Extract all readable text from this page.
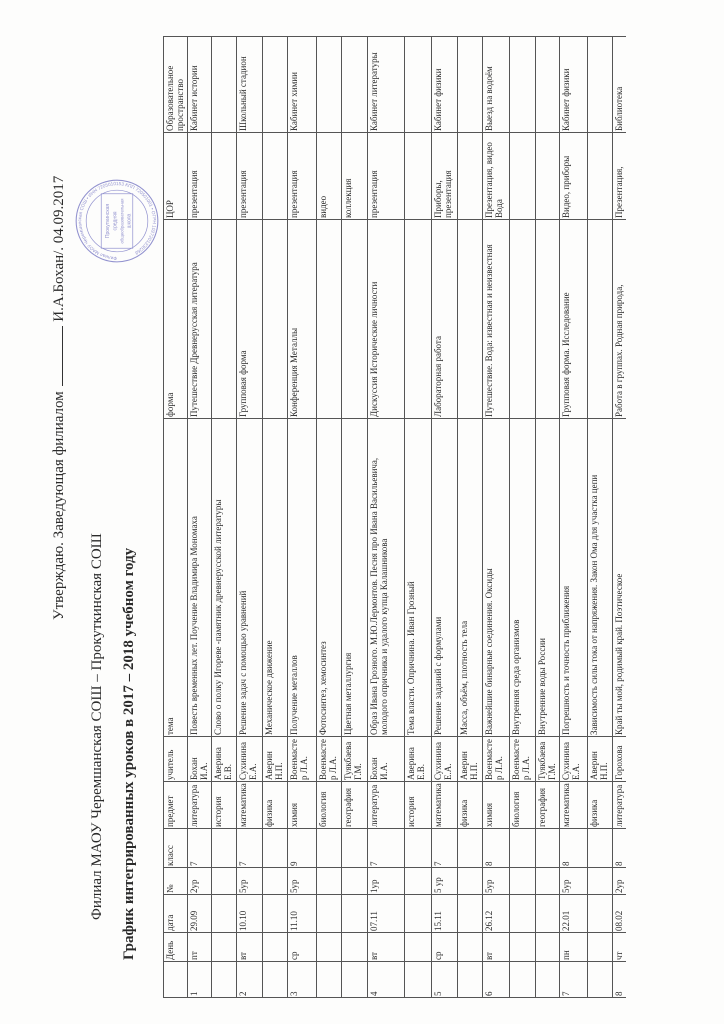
Утверждаю. Заведующая филиалом  И.А.Бохан/. 04.09.2017
Филиал МАОУ Черемшанская СОШ – Прокуткинская СОШ График интегрированных уроков в 2017 – 2018 учебном году
Филиал МАОУ Черемшанская СОШ • ИНН 7205010153 КПП 720501001 • ОГРН 1027201230268
Прокуткинская средняя общеобразовательная школа
	День	дата	№	класс	предмет	учитель	тема	форма	ЦОР	Образовательное пространство
1	пт	29.09	2ур	7	литература	Бохан И.А.	Повесть временных лет. Поучение Владимира Мономаха	Путешествие Древнерусская литература	презентация	Кабинет истории
					история	Аверина Е.В.	Слово о полку Игореве -памятник древнерусской литературы			
2	вт	10.10	5ур	7	математика	Сухинина Е.А.	Решение задач с помощью уравнений	Групповая форма	презентация	Школьный стадион
					физика	Аверин Н.П.	Механическое движение			
3	ср	11.10	5ур	9	химия	Военмастер Л.А.	Получение металлов	Конференция Металлы	презентация	Кабинет химии
					биология	Военмастер Л.А.	Фотосинтез, хемосинтез		видео	
					география	Туякбаева Г.М.	Цветная металлургия		коллекция	
4	вт	07.11	1ур	7	литература	Бохан И.А.	Образ Ивана Грозного. М.Ю.Лермонтов. Песня про Ивана Васильевича, молодого опричника и удалого купца Калашникова	Дискуссия Исторические личности	презентация	Кабинет литературы
					история	Аверина Е.В.	Тема власти. Опричнина. Иван Грозный			
5	ср	15.11	5 ур	7	математика	Сухинина Е.А.	Решение заданий с формулами	Лабораторная работа	Приборы, презентация	Кабинет физики
					физика	Аверин Н.П.	Масса, объём, плотность тела			
6	вт	26.12	5ур	8	химия	Военмастер Л.А.	Важнейшие бинарные соединения. Оксиды	Путешествие. Вода: известная и неизвестная	Презентация, видео Вода	Выезд на водоём
					биология	Военмастер Л.А.	Внутренняя среда организмов			
					география	Туякбаева Г.М.	Внутренние воды России			
7	пн	22.01	5ур	8	математика	Сухинина Е.А.	Погрешность и точность приближения	Групповая форма. Исследование	Видео, приборы	Кабинет физики
					физика	Аверин Н.П.	Зависимость силы тока от напряжения. Закон Ома для участка цепи			
8	чт	08.02	2ур	8	литература	Горохова	Край ты мой, родимый край. Поэтическое	Работа в группах. Родная природа,	Презентация,	Библиотека
